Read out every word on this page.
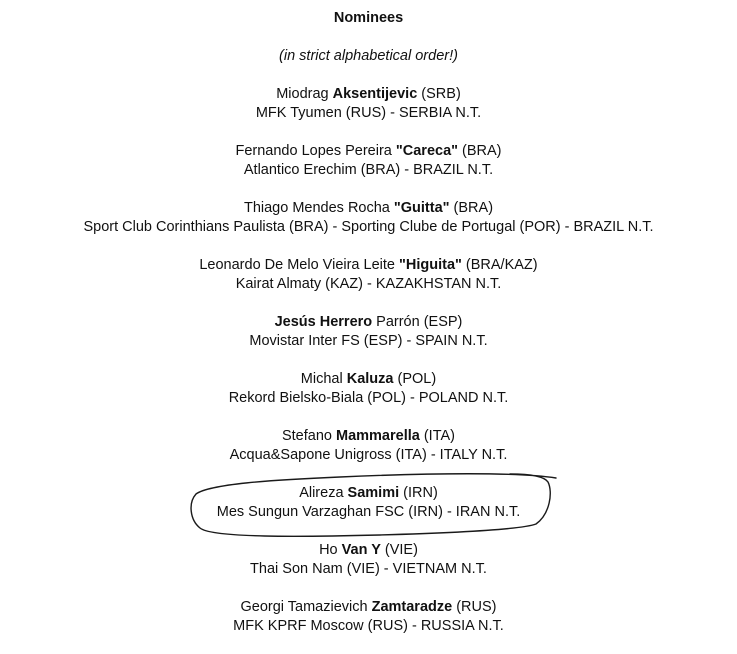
Nominees
(in strict alphabetical order!)
Miodrag Aksentijevic (SRB)
MFK Tyumen (RUS) - SERBIA N.T.
Fernando Lopes Pereira "Careca" (BRA)
Atlantico Erechim (BRA) - BRAZIL N.T.
Thiago Mendes Rocha "Guitta" (BRA)
Sport Club Corinthians Paulista (BRA) - Sporting Clube de Portugal (POR) - BRAZIL N.T.
Leonardo De Melo Vieira Leite "Higuita" (BRA/KAZ)
Kairat Almaty (KAZ) - KAZAKHSTAN N.T.
Jesús Herrero Parrón (ESP)
Movistar Inter FS (ESP) - SPAIN N.T.
Michal Kaluza (POL)
Rekord Bielsko-Biala (POL) - POLAND N.T.
Stefano Mammarella (ITA)
Acqua&Sapone Unigross (ITA) - ITALY N.T.
Alireza Samimi (IRN)
Mes Sungun Varzaghan FSC (IRN) - IRAN N.T.
Ho Van Y (VIE)
Thai Son Nam (VIE) - VIETNAM N.T.
Georgi Tamazievich Zamtaradze (RUS)
MFK KPRF Moscow (RUS) - RUSSIA N.T.
